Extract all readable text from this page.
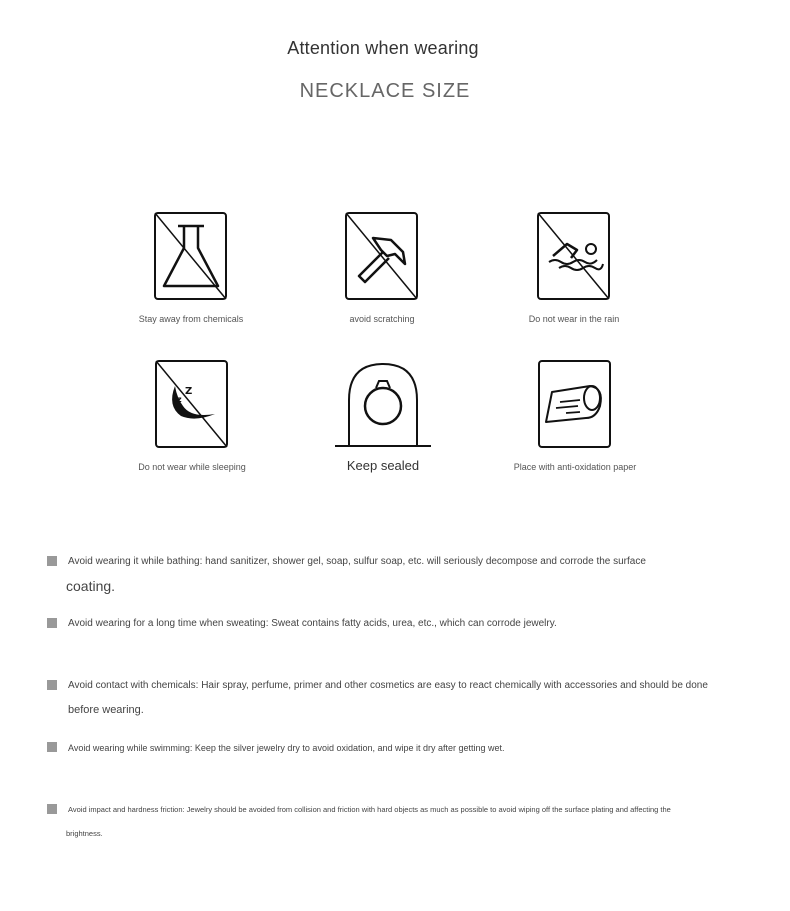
Attention when wearing
NECKLACE SIZE
Stay away from chemicals	avoid scratching	Do not wear in the rain
Z
z
Do not wear while sleeping	Keep sealed	Place with anti-oxidation paper
Avoid wearing it while bathing: hand sanitizer, shower gel, soap, sulfur soap, etc. will seriously decompose and corrode the surface
coating.
Avoid wearing for a long time when sweating: Sweat contains fatty acids, urea, etc., which can corrode jewelry.
Avoid contact with chemicals: Hair spray, perfume, primer and other cosmetics are easy to react chemically with accessories and should be done
before wearing.
Avoid wearing while swimming: Keep the silver jewelry dry to avoid oxidation, and wipe it dry after getting wet.
Avoid impact and hardness friction: Jewelry should be avoided from collision and friction with hard objects as much as possible to avoid wiping off the surface plating and affecting the
brightness.
